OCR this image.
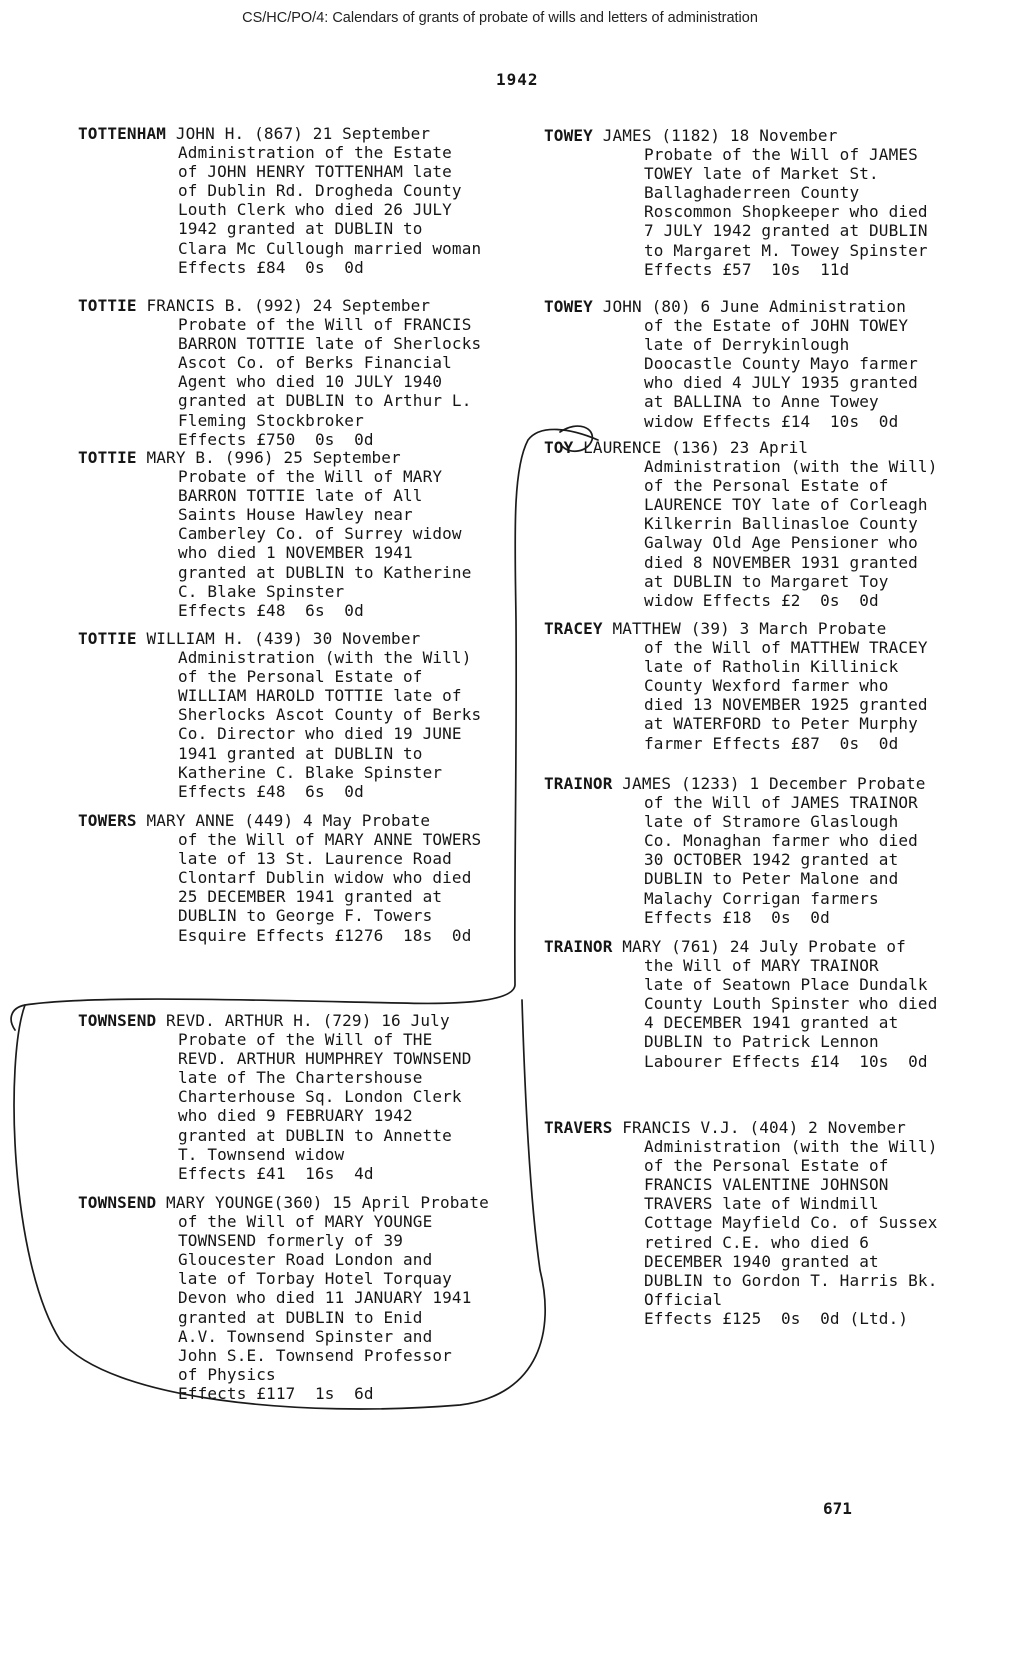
CS/HC/PO/4: Calendars of grants of probate of wills and letters of administration
1942
TOTTENHAM JOHN H. (867) 21 September
Administration of the Estate
of JOHN HENRY TOTTENHAM late
of Dublin Rd. Drogheda County
Louth Clerk who died 26 JULY
1942 granted at DUBLIN to
Clara Mc Cullough married woman
Effects £84  0s  0d
TOTTIE FRANCIS B. (992) 24 September
Probate of the Will of FRANCIS
BARRON TOTTIE late of Sherlocks
Ascot Co. of Berks Financial
Agent who died 10 JULY 1940
granted at DUBLIN to Arthur L.
Fleming Stockbroker
Effects £750  0s  0d
TOTTIE MARY B. (996) 25 September
Probate of the Will of MARY
BARRON TOTTIE late of All
Saints House Hawley near
Camberley Co. of Surrey widow
who died 1 NOVEMBER 1941
granted at DUBLIN to Katherine
C. Blake Spinster
Effects £48  6s  0d
TOTTIE WILLIAM H. (439) 30 November
Administration (with the Will)
of the Personal Estate of
WILLIAM HAROLD TOTTIE late of
Sherlocks Ascot County of Berks
Co. Director who died 19 JUNE
1941 granted at DUBLIN to
Katherine C. Blake Spinster
Effects £48  6s  0d
TOWERS MARY ANNE (449) 4 May Probate
of the Will of MARY ANNE TOWERS
late of 13 St. Laurence Road
Clontarf Dublin widow who died
25 DECEMBER 1941 granted at
DUBLIN to George F. Towers
Esquire Effects £1276  18s  0d
TOWNSEND REVD. ARTHUR H. (729) 16 July
Probate of the Will of THE
REVD. ARTHUR HUMPHREY TOWNSEND
late of The Chartershouse
Charterhouse Sq. London Clerk
who died 9 FEBRUARY 1942
granted at DUBLIN to Annette
T. Townsend widow
Effects £41  16s  4d
TOWNSEND MARY YOUNGE(360) 15 April Probate
of the Will of MARY YOUNGE
TOWNSEND formerly of 39
Gloucester Road London and
late of Torbay Hotel Torquay
Devon who died 11 JANUARY 1941
granted at DUBLIN to Enid
A.V. Townsend Spinster and
John S.E. Townsend Professor
of Physics
Effects £117  1s  6d
TOWEY JAMES (1182) 18 November
Probate of the Will of JAMES
TOWEY late of Market St.
Ballaghaderreen County
Roscommon Shopkeeper who died
7 JULY 1942 granted at DUBLIN
to Margaret M. Towey Spinster
Effects £57  10s  11d
TOWEY JOHN (80) 6 June Administration
of the Estate of JOHN TOWEY
late of Derrykinlough
Doocastle County Mayo farmer
who died 4 JULY 1935 granted
at BALLINA to Anne Towey
widow Effects £14  10s  0d
TOY LAURENCE (136) 23 April
Administration (with the Will)
of the Personal Estate of
LAURENCE TOY late of Corleagh
Kilkerrin Ballinasloe County
Galway Old Age Pensioner who
died 8 NOVEMBER 1931 granted
at DUBLIN to Margaret Toy
widow Effects £2  0s  0d
TRACEY MATTHEW (39) 3 March Probate
of the Will of MATTHEW TRACEY
late of Ratholin Killinick
County Wexford farmer who
died 13 NOVEMBER 1925 granted
at WATERFORD to Peter Murphy
farmer Effects £87  0s  0d
TRAINOR JAMES (1233) 1 December Probate
of the Will of JAMES TRAINOR
late of Stramore Glaslough
Co. Monaghan farmer who died
30 OCTOBER 1942 granted at
DUBLIN to Peter Malone and
Malachy Corrigan farmers
Effects £18  0s  0d
TRAINOR MARY (761) 24 July Probate of
the Will of MARY TRAINOR
late of Seatown Place Dundalk
County Louth Spinster who died
4 DECEMBER 1941 granted at
DUBLIN to Patrick Lennon
Labourer Effects £14  10s  0d
TRAVERS FRANCIS V.J. (404) 2 November
Administration (with the Will)
of the Personal Estate of
FRANCIS VALENTINE JOHNSON
TRAVERS late of Windmill
Cottage Mayfield Co. of Sussex
retired C.E. who died 6
DECEMBER 1940 granted at
DUBLIN to Gordon T. Harris Bk.
Official
Effects £125  0s  0d (Ltd.)
671
